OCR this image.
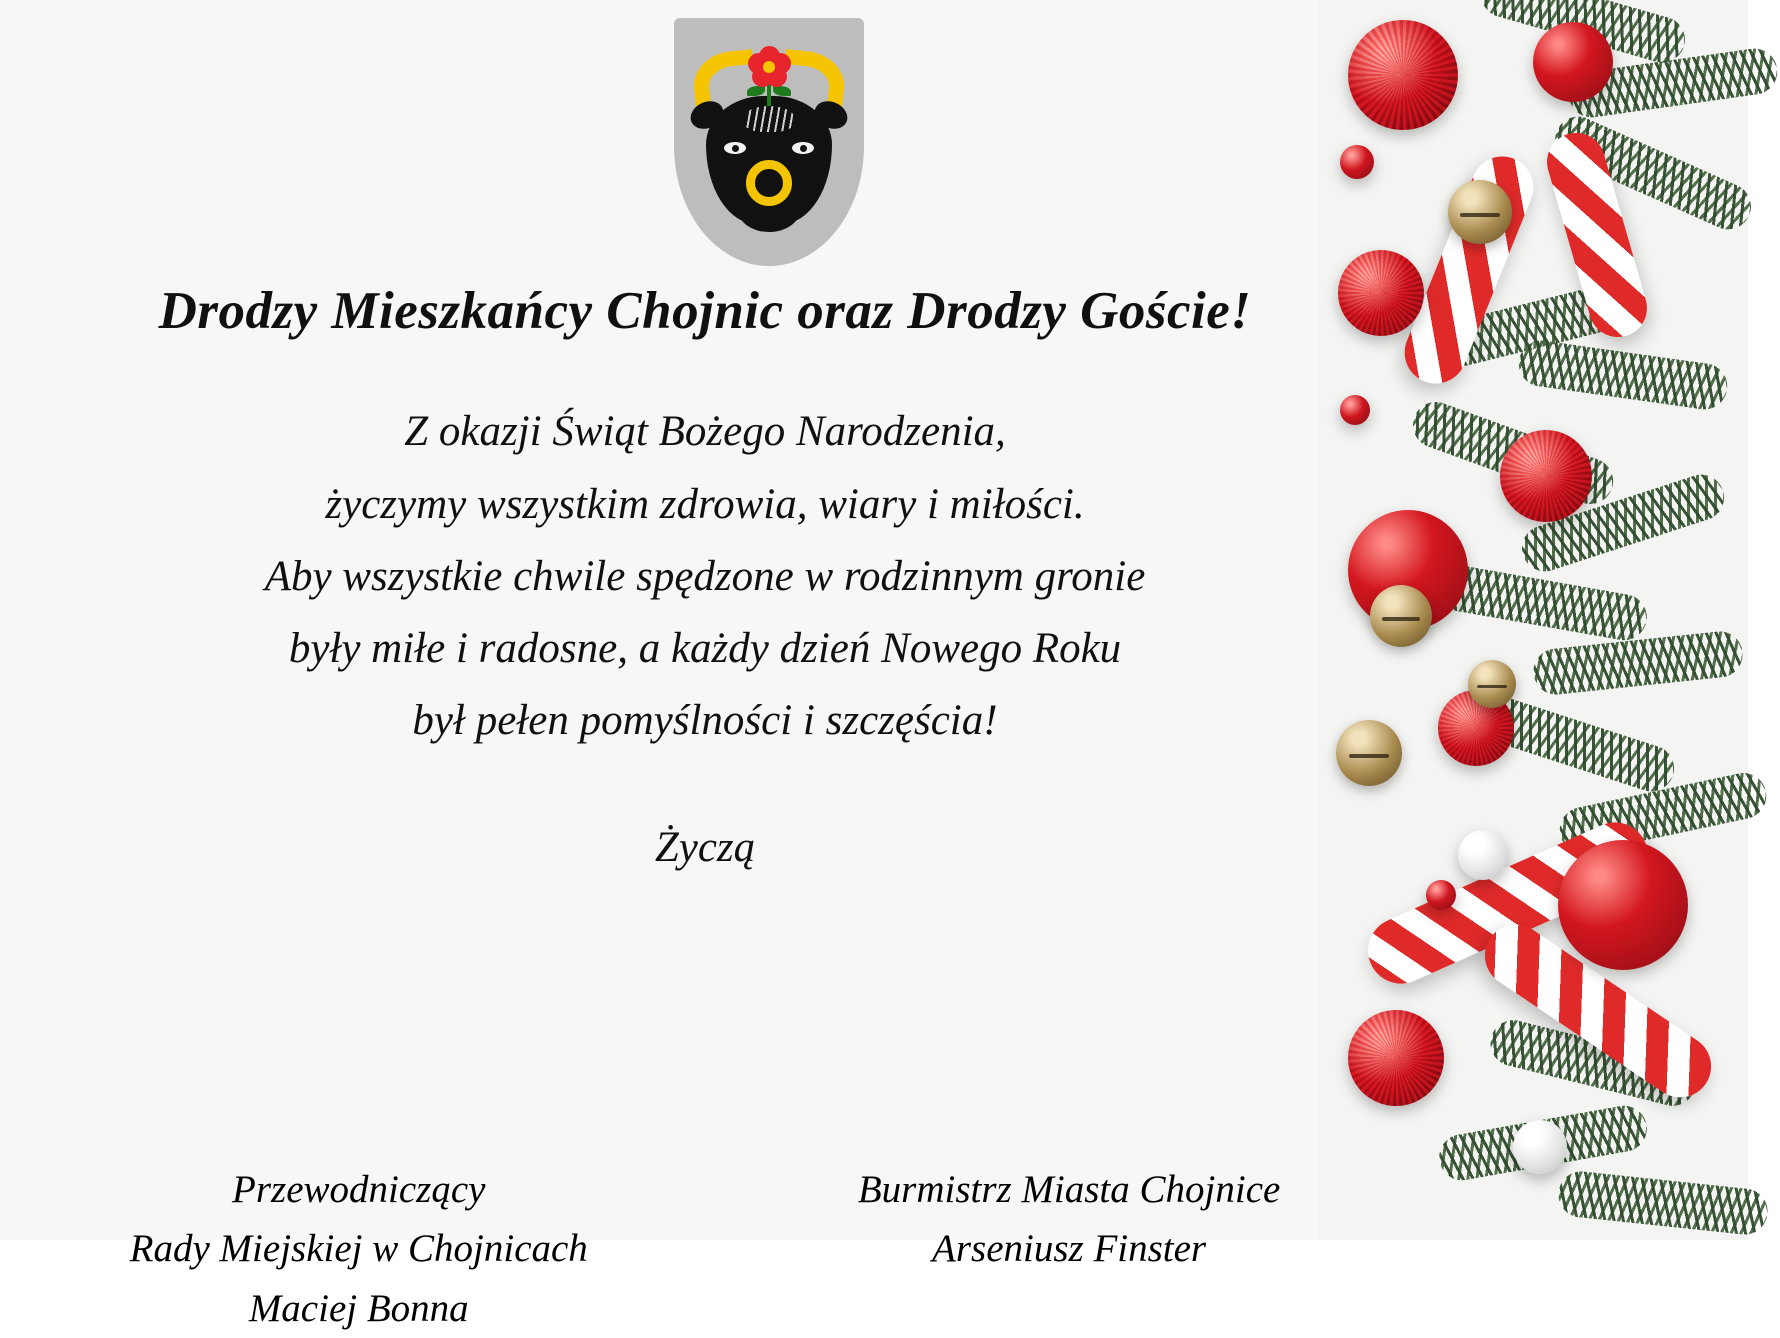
Drodzy Mieszkańcy Chojnic oraz Drodzy Goście!
Z okazji Świąt Bożego Narodzenia,
życzymy wszystkim zdrowia, wiary i miłości.
Aby wszystkie chwile spędzone w rodzinnym gronie
były miłe i radosne, a każdy dzień Nowego Roku
był pełen pomyślności i szczęścia!
Życzą
Przewodniczący
Rady Miejskiej w Chojnicach
Maciej Bonna
Burmistrz Miasta Chojnice
Arseniusz Finster
